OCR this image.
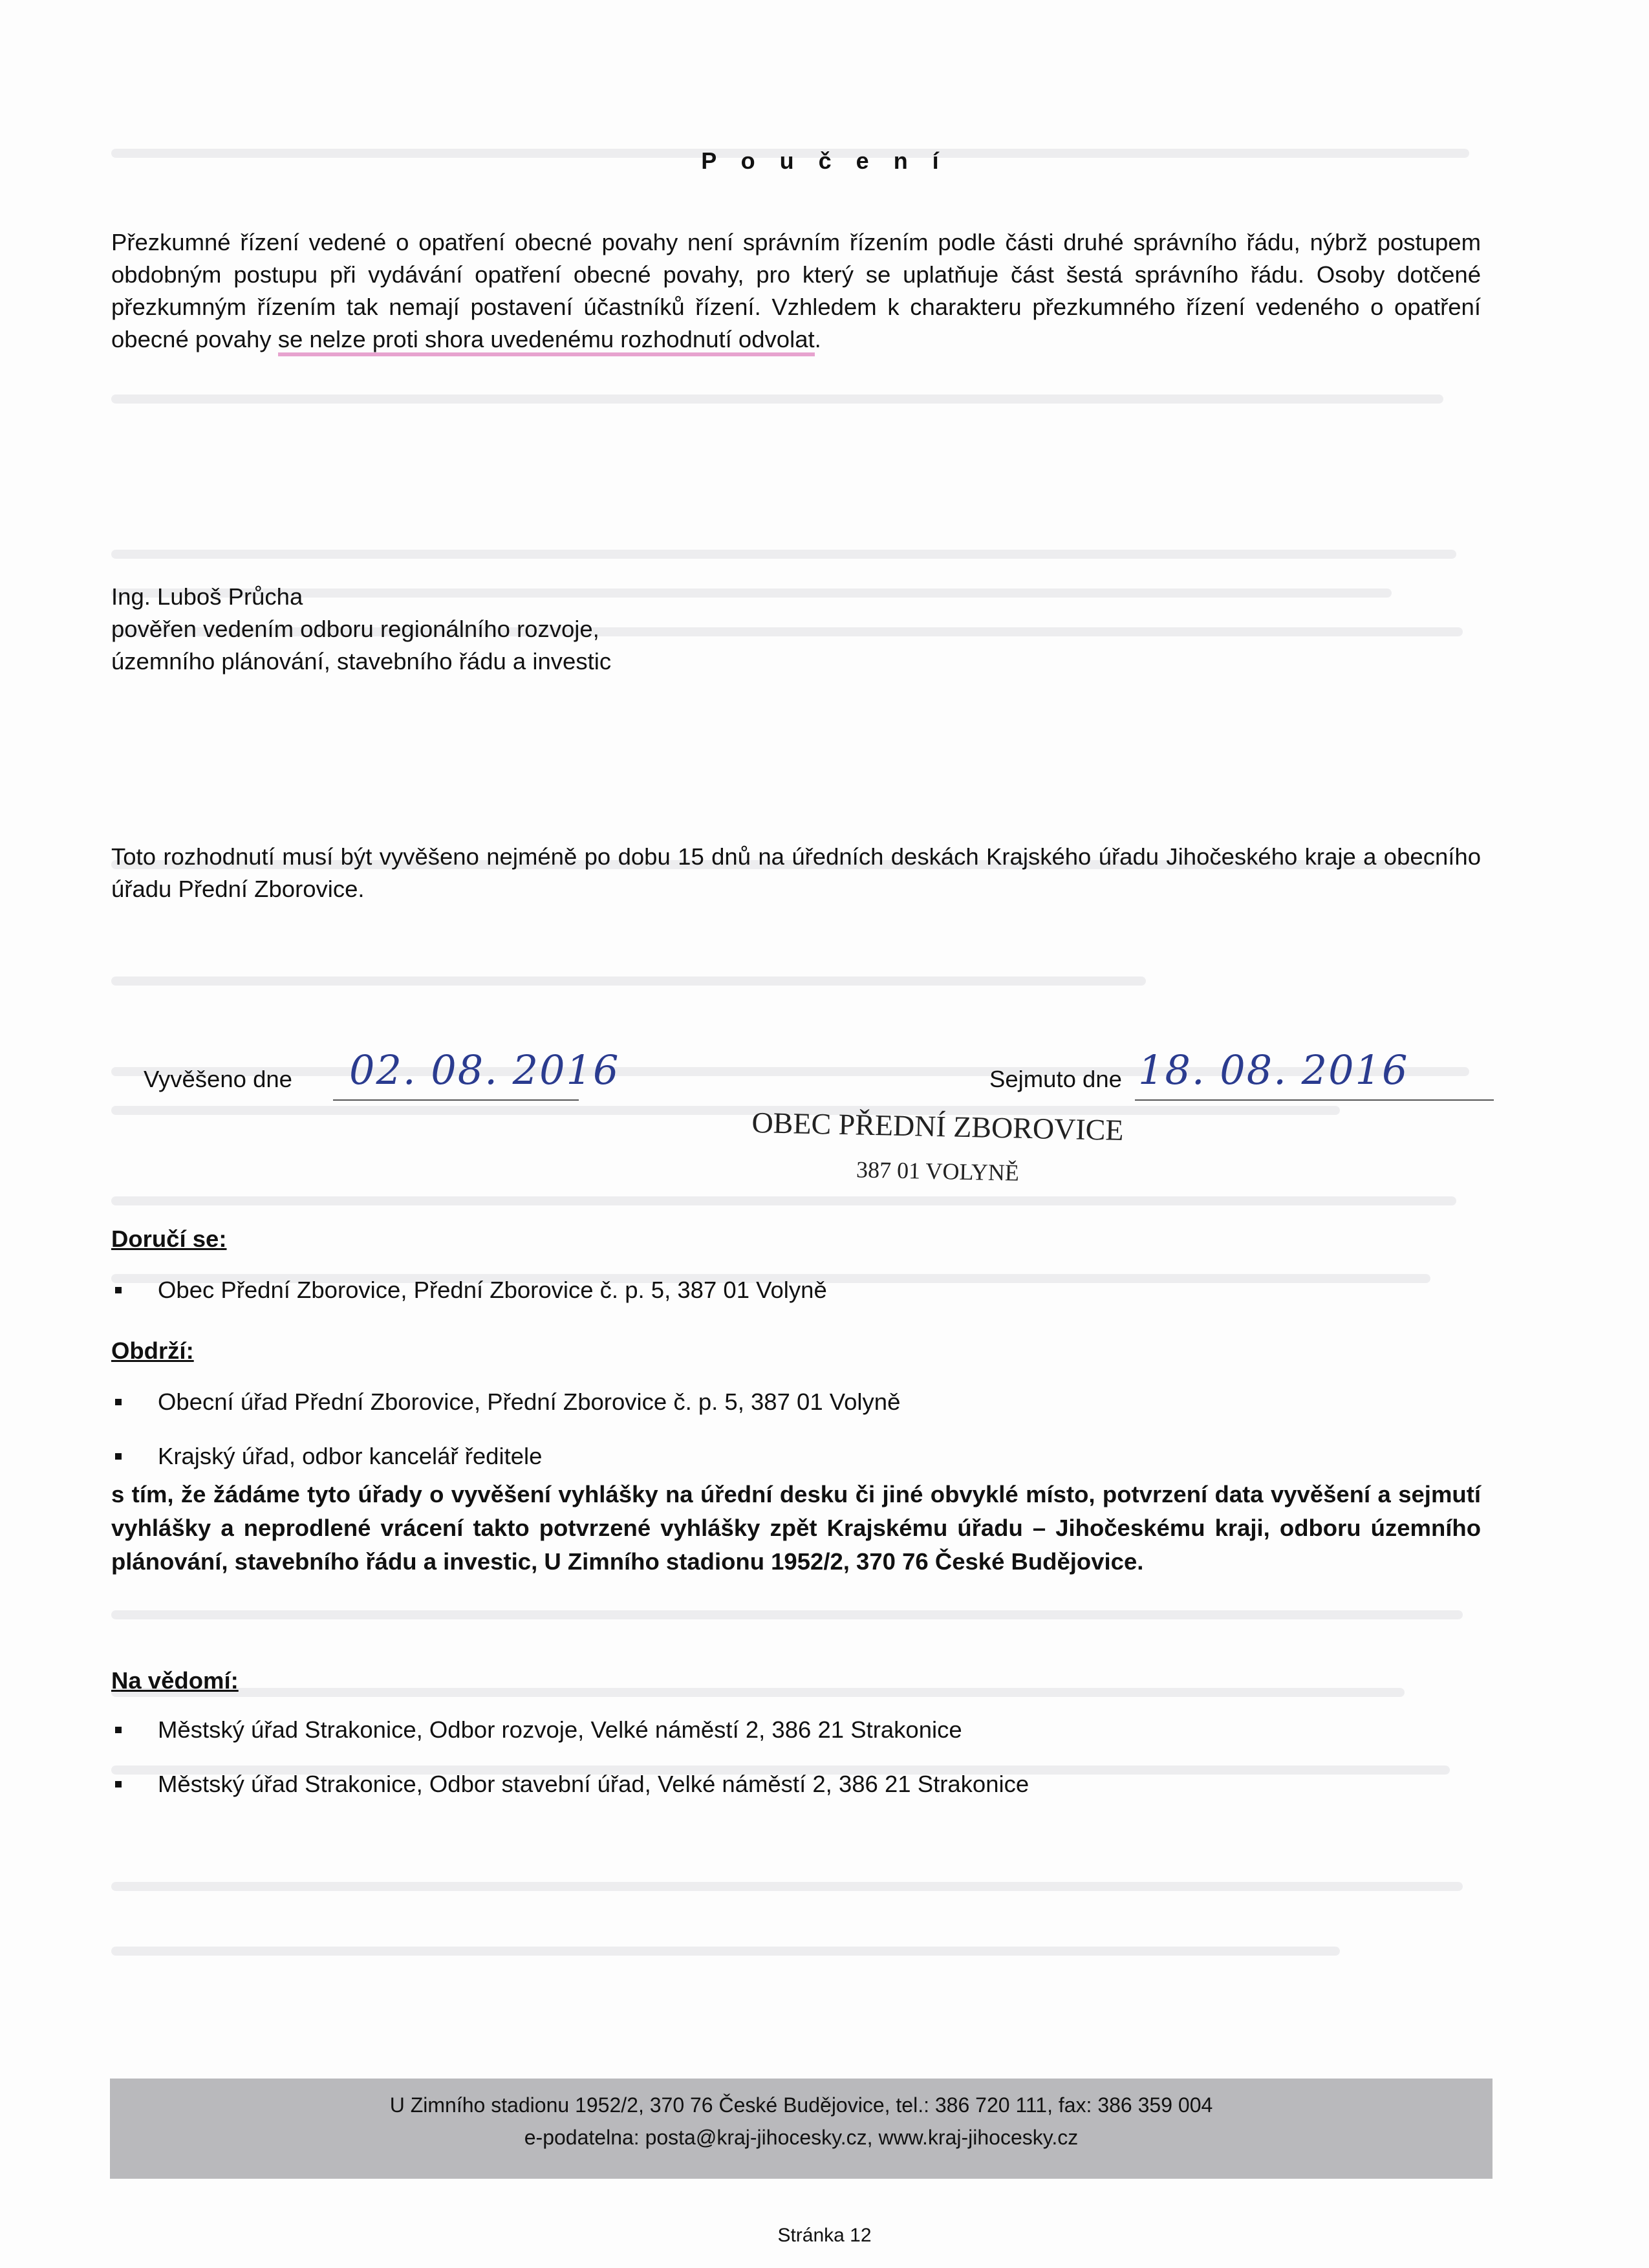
P o u č e n í
Přezkumné řízení vedené o opatření obecné povahy není správním řízením podle části druhé správního řádu, nýbrž postupem obdobným postupu při vydávání opatření obecné povahy, pro který se uplatňuje část šestá správního řádu. Osoby dotčené přezkumným řízením tak nemají postavení účastníků řízení. Vzhledem k charakteru přezkumného řízení vedeného o opatření obecné povahy se nelze proti shora uvedenému rozhodnutí odvolat.
Ing. Luboš Průcha
pověřen vedením odboru regionálního rozvoje,
územního plánování, stavebního řádu a investic
Toto rozhodnutí musí být vyvěšeno nejméně po dobu 15 dnů na úředních deskách Krajského úřadu Jihočeského kraje a obecního úřadu Přední Zborovice.
Vyvěšeno dne 02. 08. 2016	Sejmuto dne 18. 08. 2016
OBEC PŘEDNÍ ZBOROVICE
387 01 VOLYNĚ
Doručí se:
Obec Přední Zborovice, Přední Zborovice č. p. 5, 387 01 Volyně
Obdrží:
Obecní úřad Přední Zborovice, Přední Zborovice č. p. 5, 387 01 Volyně
Krajský úřad, odbor kancelář ředitele
s tím, že žádáme tyto úřady o vyvěšení vyhlášky na úřední desku či jiné obvyklé místo, potvrzení data vyvěšení a sejmutí vyhlášky a neprodlené vrácení takto potvrzené vyhlášky zpět Krajskému úřadu – Jihočeskému kraji, odboru územního plánování, stavebního řádu a investic, U Zimního stadionu 1952/2, 370 76 České Budějovice.
Na vědomí:
Městský úřad Strakonice, Odbor rozvoje, Velké náměstí 2, 386 21 Strakonice
Městský úřad Strakonice, Odbor stavební úřad, Velké náměstí 2, 386 21 Strakonice
U Zimního stadionu 1952/2, 370 76 České Budějovice, tel.: 386 720 111, fax: 386 359 004
e-podatelna: posta@kraj-jihocesky.cz, www.kraj-jihocesky.cz
Stránka 12
